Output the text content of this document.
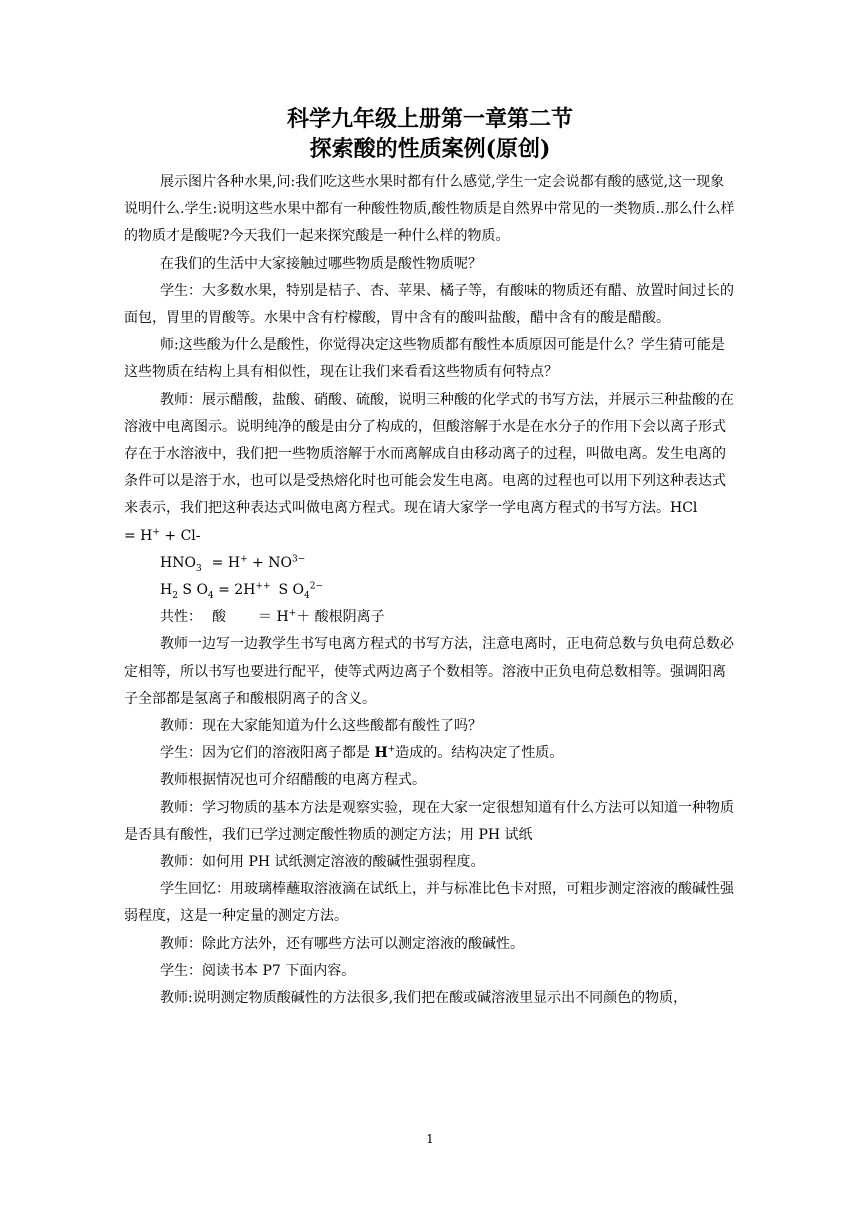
科学九年级上册第一章第二节
探索酸的性质案例(原创)

展示图片各种水果,问:我们吃这些水果时都有什么感觉,学生一定会说都有酸的感觉,这一现象说明什么.学生:说明这些水果中都有一种酸性物质,酸性物质是自然界中常见的一类物质..那么什么样的物质才是酸呢?今天我们一起来探究酸是一种什么样的物质。

在我们的生活中大家接触过哪些物质是酸性物质呢？

学生：大多数水果，特别是桔子、杏、苹果、橘子等，有酸味的物质还有醋、放置时间过长的面包，胃里的胃酸等。水果中含有柠檬酸，胃中含有的酸叫盐酸，醋中含有的酸是醋酸。

师:这些酸为什么是酸性，你觉得决定这些物质都有酸性本质原因可能是什么？学生猜可能是这些物质在结构上具有相似性，现在让我们来看看这些物质有何特点？

教师：展示醋酸，盐酸、硝酸、硫酸，说明三种酸的化学式的书写方法，并展示三种盐酸的在溶液中电离图示。说明纯净的酸是由分了构成的，但酸溶解于水是在水分子的作用下会以离子形式存在于水溶液中，我们把一些物质溶解于水而离解成自由移动离子的过程，叫做电离。发生电离的条件可以是溶于水，也可以是受热熔化时也可能会发生电离。电离的过程也可以用下列这种表达式来表示，我们把这种表达式叫做电离方程式。现在请大家学一学电离方程式的书写方法。HCl= H+ + Cl-

$HNO_3 = H^+ + NO^{3-}$

$H_2$ S $O_4 = 2H^{++}$ S $O_4^{2-}$

共性： 酸 ＝ H+＋ 酸根阴离子

教师一边写一边教学生书写电离方程式的书写方法，注意电离时，正电荷总数与负电荷总数必定相等，所以书写也要进行配平，使等式两边离子个数相等。溶液中正负电荷总数相等。强调阳离子全部都是氢离子和酸根阴离子的含义。

教师：现在大家能知道为什么这些酸都有酸性了吗？

学生：因为它们的溶液阳离子都是 H+造成的。结构决定了性质。

教师根据情况也可介绍醋酸的电离方程式。

教师：学习物质的基本方法是观察实验，现在大家一定很想知道有什么方法可以知道一种物质是否具有酸性，我们已学过测定酸性物质的测定方法；用 PH 试纸

教师：如何用 PH 试纸测定溶液的酸碱性强弱程度。

学生回忆：用玻璃棒蘸取溶液滴在试纸上，并与标准比色卡对照，可粗步测定溶液的酸碱性强弱程度，这是一种定量的测定方法。

教师：除此方法外，还有哪些方法可以测定溶液的酸碱性。

学生：阅读书本 P7 下面内容。

教师:说明测定物质酸碱性的方法很多,我们把在酸或碱溶液里显示出不同颜色的物质，

1
